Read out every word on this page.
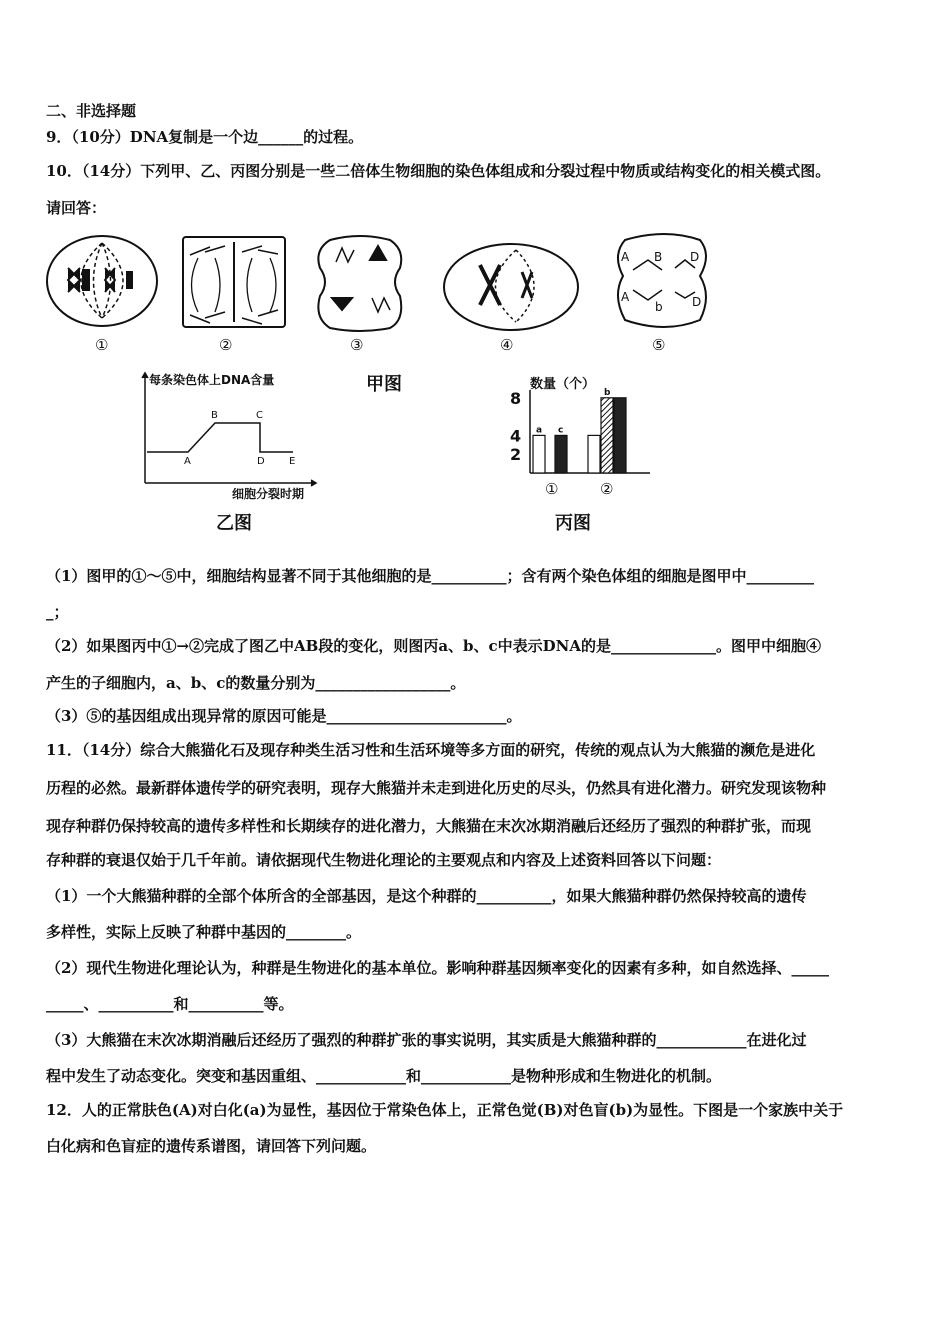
二、非选择题
9．（10分）DNA复制是一个边______的过程。
10．（14分）下列甲、乙、丙图分别是一些二倍体生物细胞的染色体组成和分裂过程中物质或结构变化的相关模式图。
请回答：
①	②	③	④
A B D
A
b D
⑤
甲图
每条染色体上DNA含量
细胞分裂时期
A
B	C
D E
乙图
2
4
8
a c
b
数量（个）
①	②
丙图
（1）图甲的①～⑤中，细胞结构显著不同于其他细胞的是__________；含有两个染色体组的细胞是图甲中_________
_；
（2）如果图丙中①→②完成了图乙中AB段的变化，则图丙a、b、c中表示DNA的是______________。图甲中细胞④
产生的子细胞内，a、b、c的数量分别为__________________。
（3）⑤的基因组成出现异常的原因可能是________________________。
11．（14分）综合大熊猫化石及现存种类生活习性和生活环境等多方面的研究，传统的观点认为大熊猫的濒危是进化
历程的必然。最新群体遗传学的研究表明，现存大熊猫并未走到进化历史的尽头，仍然具有进化潜力。研究发现该物种
现存种群仍保持较高的遗传多样性和长期续存的进化潜力，大熊猫在末次冰期消融后还经历了强烈的种群扩张，而现
存种群的衰退仅始于几千年前。请依据现代生物进化理论的主要观点和内容及上述资料回答以下问题：
（1）一个大熊猫种群的全部个体所含的全部基因，是这个种群的__________，如果大熊猫种群仍然保持较高的遗传
多样性，实际上反映了种群中基因的________。
（2）现代生物进化理论认为，种群是生物进化的基本单位。影响种群基因频率变化的因素有多种，如自然选择、_____
_____、__________和__________等。
（3）大熊猫在末次冰期消融后还经历了强烈的种群扩张的事实说明，其实质是大熊猫种群的____________在进化过
程中发生了动态变化。突变和基因重组、____________和____________是物种形成和生物进化的机制。
12．人的正常肤色(A)对白化(a)为显性，基因位于常染色体上，正常色觉(B)对色盲(b)为显性。下图是一个家族中关于
白化病和色盲症的遗传系谱图，请回答下列问题。
